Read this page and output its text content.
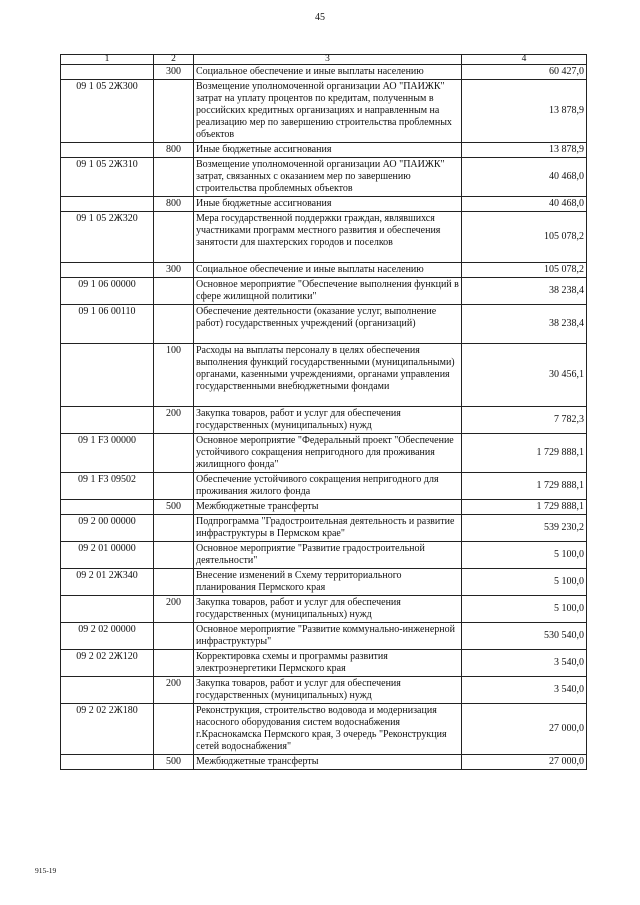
45
1	2	3	4
	300	Социальное обеспечение и иные выплаты населению	60 427,0
09 1 05 2Ж300		Возмещение уполномоченной организации АО "ПАИЖК" затрат на уплату процентов по кредитам, полученным в российских кредитных организациях и направленным на реализацию мер по завершению строительства проблемных объектов	13 878,9
	800	Иные бюджетные ассигнования	13 878,9
09 1 05 2Ж310		Возмещение уполномоченной организации АО "ПАИЖК" затрат, связанных с оказанием мер по завершению строительства проблемных объектов	40 468,0
	800	Иные бюджетные ассигнования	40 468,0
09 1 05 2Ж320		Мера государственной поддержки граждан, являвшихся участниками программ местного развития и обеспечения занятости для шахтерских городов и поселков	105 078,2
	300	Социальное обеспечение и иные выплаты населению	105 078,2
09 1 06 00000		Основное мероприятие "Обеспечение выполнения функций в сфере жилищной политики"	38 238,4
09 1 06 00110		Обеспечение деятельности (оказание услуг, выполнение работ) государственных учреждений (организаций)	38 238,4
	100	Расходы на выплаты персоналу в целях обеспечения выполнения функций государственными (муниципальными) органами, казенными учреждениями, органами управления государственными внебюджетными фондами	30 456,1
	200	Закупка товаров, работ и услуг для обеспечения государственных (муниципальных) нужд	7 782,3
09 1 F3 00000		Основное мероприятие "Федеральный проект "Обеспечение устойчивого сокращения непригодного для проживания жилищного фонда"	1 729 888,1
09 1 F3 09502		Обеспечение устойчивого сокращения непригодного для проживания жилого фонда	1 729 888,1
	500	Межбюджетные трансферты	1 729 888,1
09 2 00 00000		Подпрограмма "Градостроительная деятельность и развитие инфраструктуры в Пермском крае"	539 230,2
09 2 01 00000		Основное мероприятие "Развитие градостроительной деятельности"	5 100,0
09 2 01 2Ж340		Внесение изменений в Схему территориального планирования Пермского края	5 100,0
	200	Закупка товаров, работ и услуг для обеспечения государственных (муниципальных) нужд	5 100,0
09 2 02 00000		Основное мероприятие "Развитие коммунально-инженерной инфраструктуры"	530 540,0
09 2 02 2Ж120		Корректировка схемы и программы развития электроэнергетики Пермского края	3 540,0
	200	Закупка товаров, работ и услуг для обеспечения государственных (муниципальных) нужд	3 540,0
09 2 02 2Ж180		Реконструкция, строительство водовода и модернизация насосного оборудования систем водоснабжения г.Краснокамска Пермского края, 3 очередь "Реконструкция сетей водоснабжения"	27 000,0
	500	Межбюджетные трансферты	27 000,0
915-19
